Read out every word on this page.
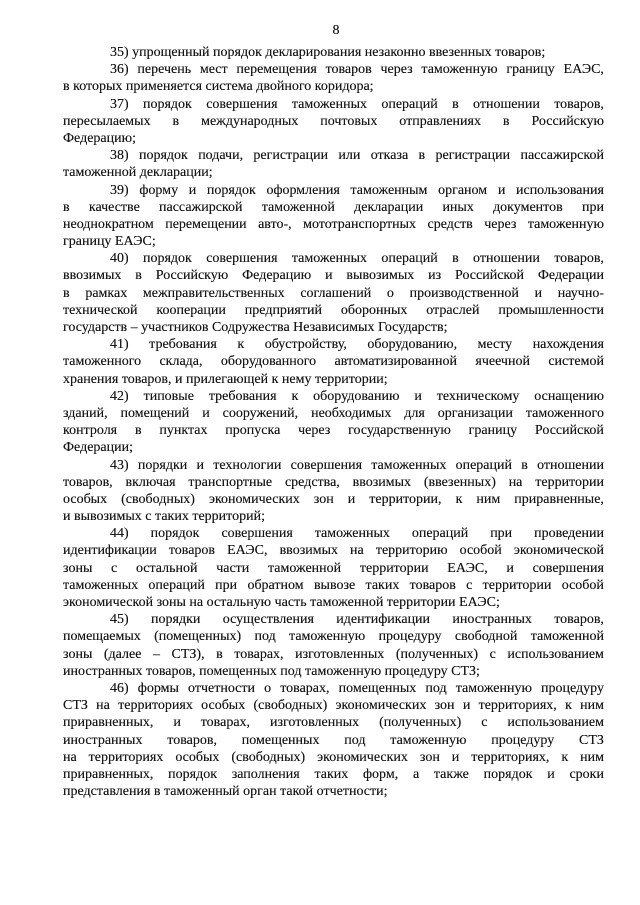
8

35) упрощенный порядок декларирования незаконно ввезенных товаров;

36) перечень мест перемещения товаров через таможенную границу ЕАЭС,
в которых применяется система двойного коридора;

37) порядок совершения таможенных операций в отношении товаров,
пересылаемых в международных почтовых отправлениях в Российскую
Федерацию;

38) порядок подачи, регистрации или отказа в регистрации пассажирской
таможенной декларации;

39) форму и порядок оформления таможенным органом и использования
в качестве пассажирской таможенной декларации иных документов при
неоднократном перемещении авто-, мототранспортных средств через таможенную
границу ЕАЭС;

40) порядок совершения таможенных операций в отношении товаров,
ввозимых в Российскую Федерацию и вывозимых из Российской Федерации
в рамках межправительственных соглашений о производственной и научно-
технической кооперации предприятий оборонных отраслей промышленности
государств – участников Содружества Независимых Государств;

41) требования к обустройству, оборудованию, месту нахождения
таможенного склада, оборудованного автоматизированной ячеечной системой
хранения товаров, и прилегающей к нему территории;

42) типовые требования к оборудованию и техническому оснащению
зданий, помещений и сооружений, необходимых для организации таможенного
контроля в пунктах пропуска через государственную границу Российской
Федерации;

43) порядки и технологии совершения таможенных операций в отношении
товаров, включая транспортные средства, ввозимых (ввезенных) на территории
особых (свободных) экономических зон и территории, к ним приравненные,
и вывозимых с таких территорий;

44) порядок совершения таможенных операций при проведении
идентификации товаров ЕАЭС, ввозимых на территорию особой экономической
зоны с остальной части таможенной территории ЕАЭС, и совершения
таможенных операций при обратном вывозе таких товаров с территории особой
экономической зоны на остальную часть таможенной территории ЕАЭС;

45) порядки осуществления идентификации иностранных товаров,
помещаемых (помещенных) под таможенную процедуру свободной таможенной
зоны (далее – СТЗ), в товарах, изготовленных (полученных) с использованием
иностранных товаров, помещенных под таможенную процедуру СТЗ;

46) формы отчетности о товарах, помещенных под таможенную процедуру
СТЗ на территориях особых (свободных) экономических зон и территориях, к ним
приравненных, и товарах, изготовленных (полученных) с использованием
иностранных товаров, помещенных под таможенную процедуру СТЗ
на территориях особых (свободных) экономических зон и территориях, к ним
приравненных, порядок заполнения таких форм, а также порядок и сроки
представления в таможенный орган такой отчетности;
